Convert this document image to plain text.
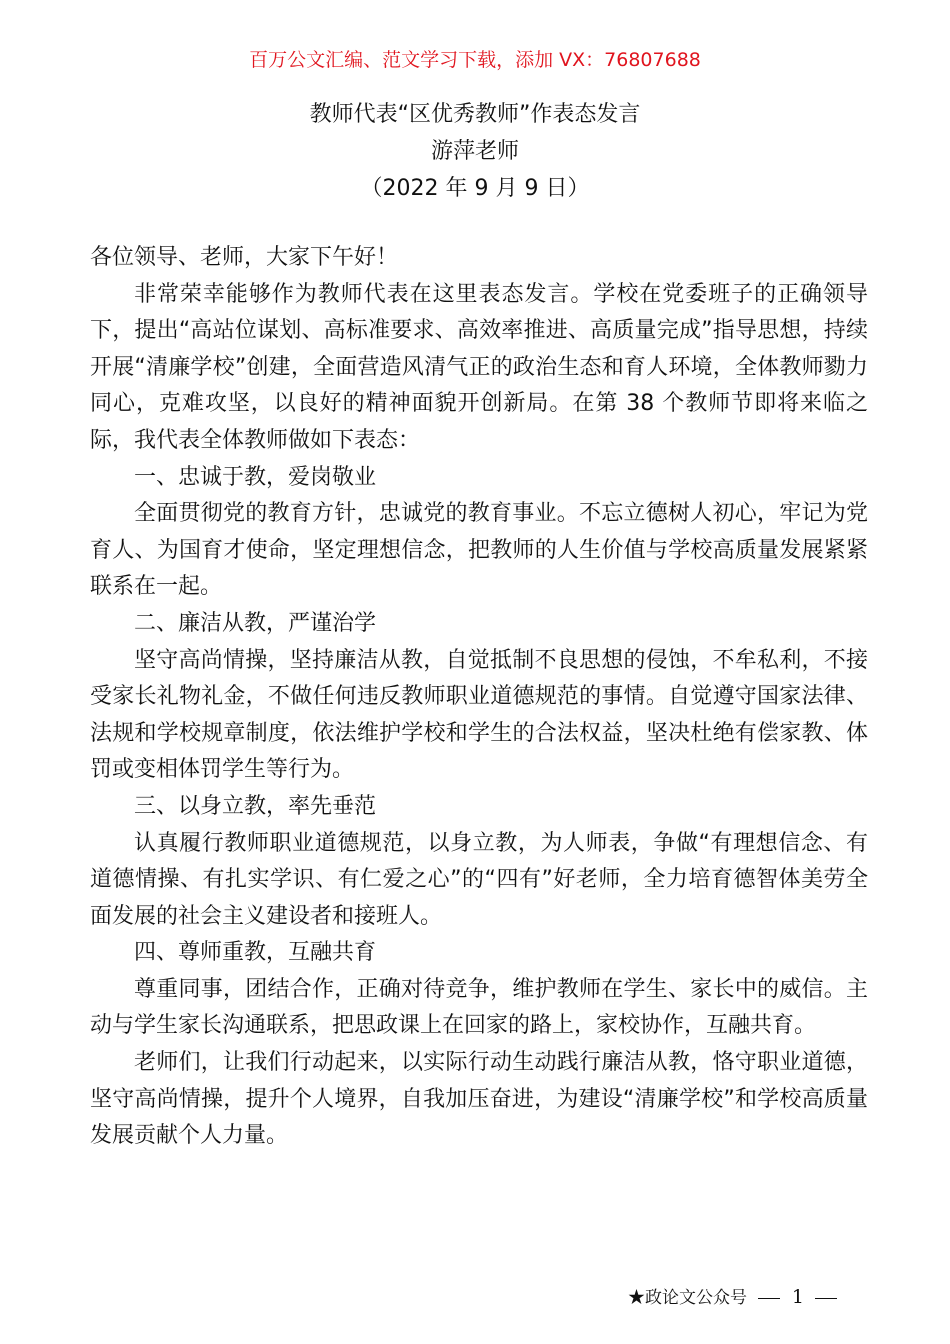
百万公文汇编、范文学习下载，添加 VX：76807688
教师代表“区优秀教师”作表态发言
游萍老师
（2022 年 9 月 9 日）

各位领导、老师，大家下午好！

非常荣幸能够作为教师代表在这里表态发言。学校在党委班子的正确领导下，提出“高站位谋划、高标准要求、高效率推进、高质量完成”指导思想，持续开展“清廉学校”创建，全面营造风清气正的政治生态和育人环境，全体教师勠力同心，克难攻坚，以良好的精神面貌开创新局。在第 38 个教师节即将来临之际，我代表全体教师做如下表态：

一、忠诚于教，爱岗敬业

全面贯彻党的教育方针，忠诚党的教育事业。不忘立德树人初心，牢记为党育人、为国育才使命，坚定理想信念，把教师的人生价值与学校高质量发展紧紧联系在一起。

二、廉洁从教，严谨治学

坚守高尚情操，坚持廉洁从教，自觉抵制不良思想的侵蚀，不牟私利，不接受家长礼物礼金，不做任何违反教师职业道德规范的事情。自觉遵守国家法律、法规和学校规章制度，依法维护学校和学生的合法权益，坚决杜绝有偿家教、体罚或变相体罚学生等行为。

三、以身立教，率先垂范

认真履行教师职业道德规范，以身立教，为人师表，争做“有理想信念、有道德情操、有扎实学识、有仁爱之心”的“四有”好老师，全力培育德智体美劳全面发展的社会主义建设者和接班人。

四、尊师重教，互融共育

尊重同事，团结合作，正确对待竞争，维护教师在学生、家长中的威信。主动与学生家长沟通联系，把思政课上在回家的路上，家校协作，互融共育。

老师们，让我们行动起来，以实际行动生动践行廉洁从教，恪守职业道德，坚守高尚情操，提升个人境界，自我加压奋进，为建设“清廉学校”和学校高质量发展贡献个人力量。

★政论文公众号 1
